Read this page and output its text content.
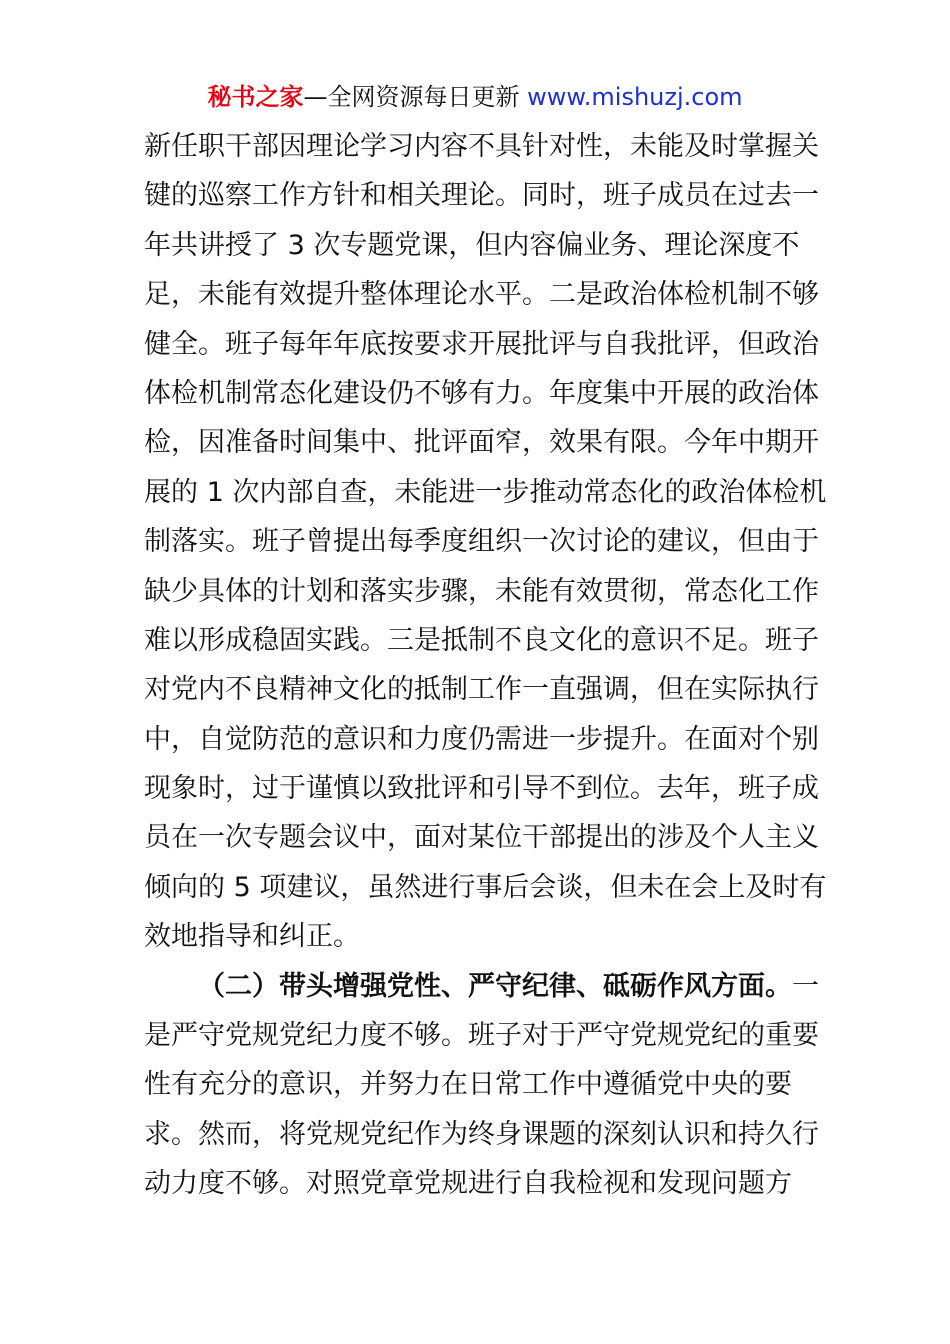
秘书之家—全网资源每日更新 www.mishuzj.com
新任职干部因理论学习内容不具针对性，未能及时掌握关
键的巡察工作方针和相关理论。同时，班子成员在过去一
年共讲授了 3 次专题党课，但内容偏业务、理论深度不
足，未能有效提升整体理论水平。二是政治体检机制不够
健全。班子每年年底按要求开展批评与自我批评，但政治
体检机制常态化建设仍不够有力。年度集中开展的政治体
检，因准备时间集中、批评面窄，效果有限。今年中期开
展的 1 次内部自查，未能进一步推动常态化的政治体检机
制落实。班子曾提出每季度组织一次讨论的建议，但由于
缺少具体的计划和落实步骤，未能有效贯彻，常态化工作
难以形成稳固实践。三是抵制不良文化的意识不足。班子
对党内不良精神文化的抵制工作一直强调，但在实际执行
中，自觉防范的意识和力度仍需进一步提升。在面对个别
现象时，过于谨慎以致批评和引导不到位。去年，班子成
员在一次专题会议中，面对某位干部提出的涉及个人主义
倾向的 5 项建议，虽然进行事后会谈，但未在会上及时有
效地指导和纠正。
（二）带头增强党性、严守纪律、砥砺作风方面。一
是严守党规党纪力度不够。班子对于严守党规党纪的重要
性有充分的意识，并努力在日常工作中遵循党中央的要
求。然而，将党规党纪作为终身课题的深刻认识和持久行
动力度不够。对照党章党规进行自我检视和发现问题方
